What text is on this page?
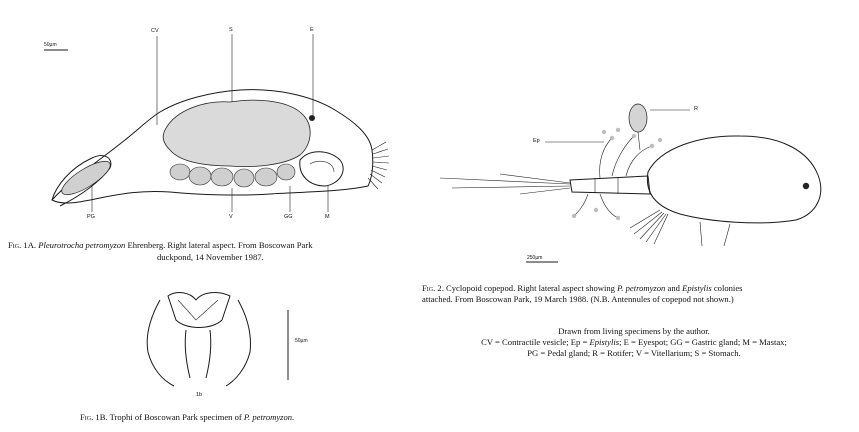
50µm
CV	S	E
PG	V	GG	M
50µm
1b
Ep
R
250µm
Fig. 1A. Pleurotrocha petromyzon Ehrenberg. Right lateral aspect. From Boscowan Park
duckpond, 14 November 1987.
Fig. 1B. Trophi of Boscowan Park specimen of P. petromyzon.
Fig. 2. Cyclopoid copepod. Right lateral aspect showing P. petromyzon and Epistylis colonies
attached. From Boscowan Park, 19 March 1988. (N.B. Antennules of copepod not shown.)
Drawn from living specimens by the author.
CV = Contractile vesicle; Ep = Epistylis; E = Eyespot; GG = Gastric gland; M = Mastax;
PG = Pedal gland; R = Rotifer; V = Vitellarium; S = Stomach.
